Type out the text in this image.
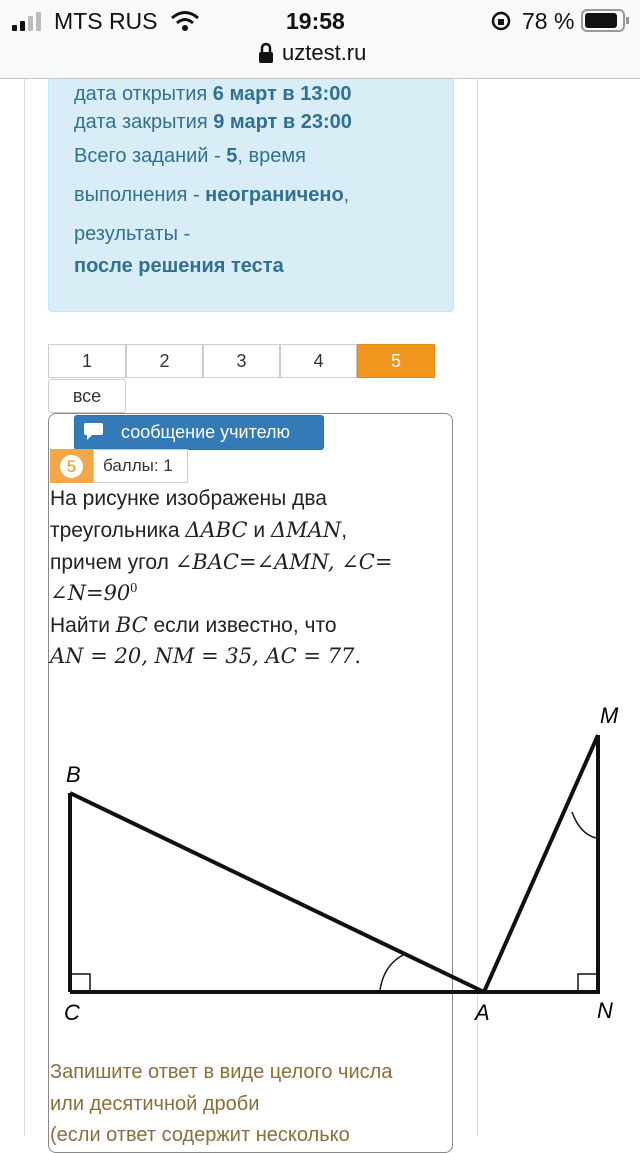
MTS RUS	19:58	78 %
uztest.ru
дата открытия 6 март в 13:00
дата закрытия 9 март в 23:00
Всего заданий - 5, время
выполнения - неограничено,
результаты -
после решения теста
1	2	3	4	5
все
сообщение учителю
5	баллы: 1
На рисунке изображены два
треугольника ΔABC и ΔMAN,
причем угол ∠BAC=∠AMN, ∠C=
$\angle N=90^0$
Найти BC если известно, что
AN = 20, NM = 35, AC = 77.
B
C	A	N
M
Запишите ответ в виде целого числа
или десятичной дроби
(если ответ содержит несколько
